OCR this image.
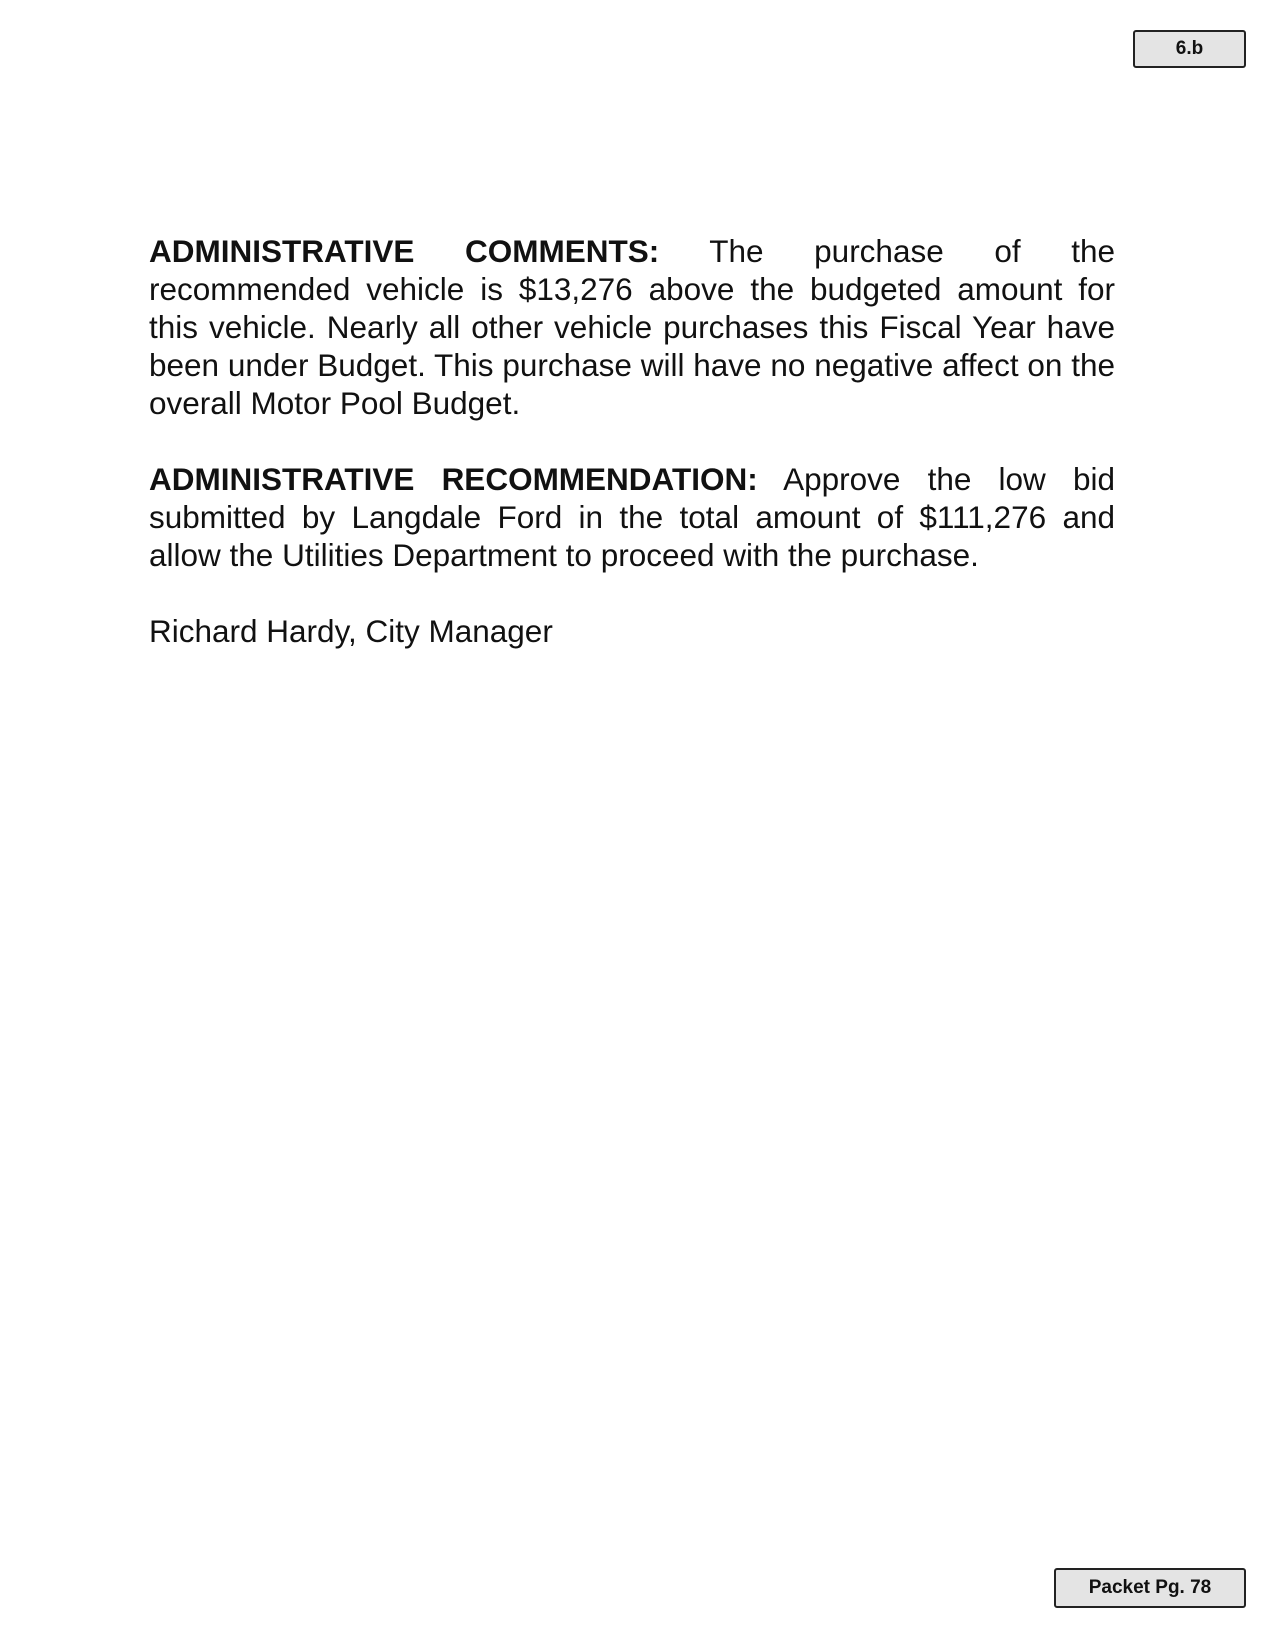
6.b

ADMINISTRATIVE COMMENTS: The purchase of the recommended vehicle is $13,276 above the budgeted amount for this vehicle. Nearly all other vehicle purchases this Fiscal Year have been under Budget. This purchase will have no negative affect on the overall Motor Pool Budget.

ADMINISTRATIVE RECOMMENDATION: Approve the low bid submitted by Langdale Ford in the total amount of $111,276 and allow the Utilities Department to proceed with the purchase.

Richard Hardy, City Manager

Packet Pg. 78
